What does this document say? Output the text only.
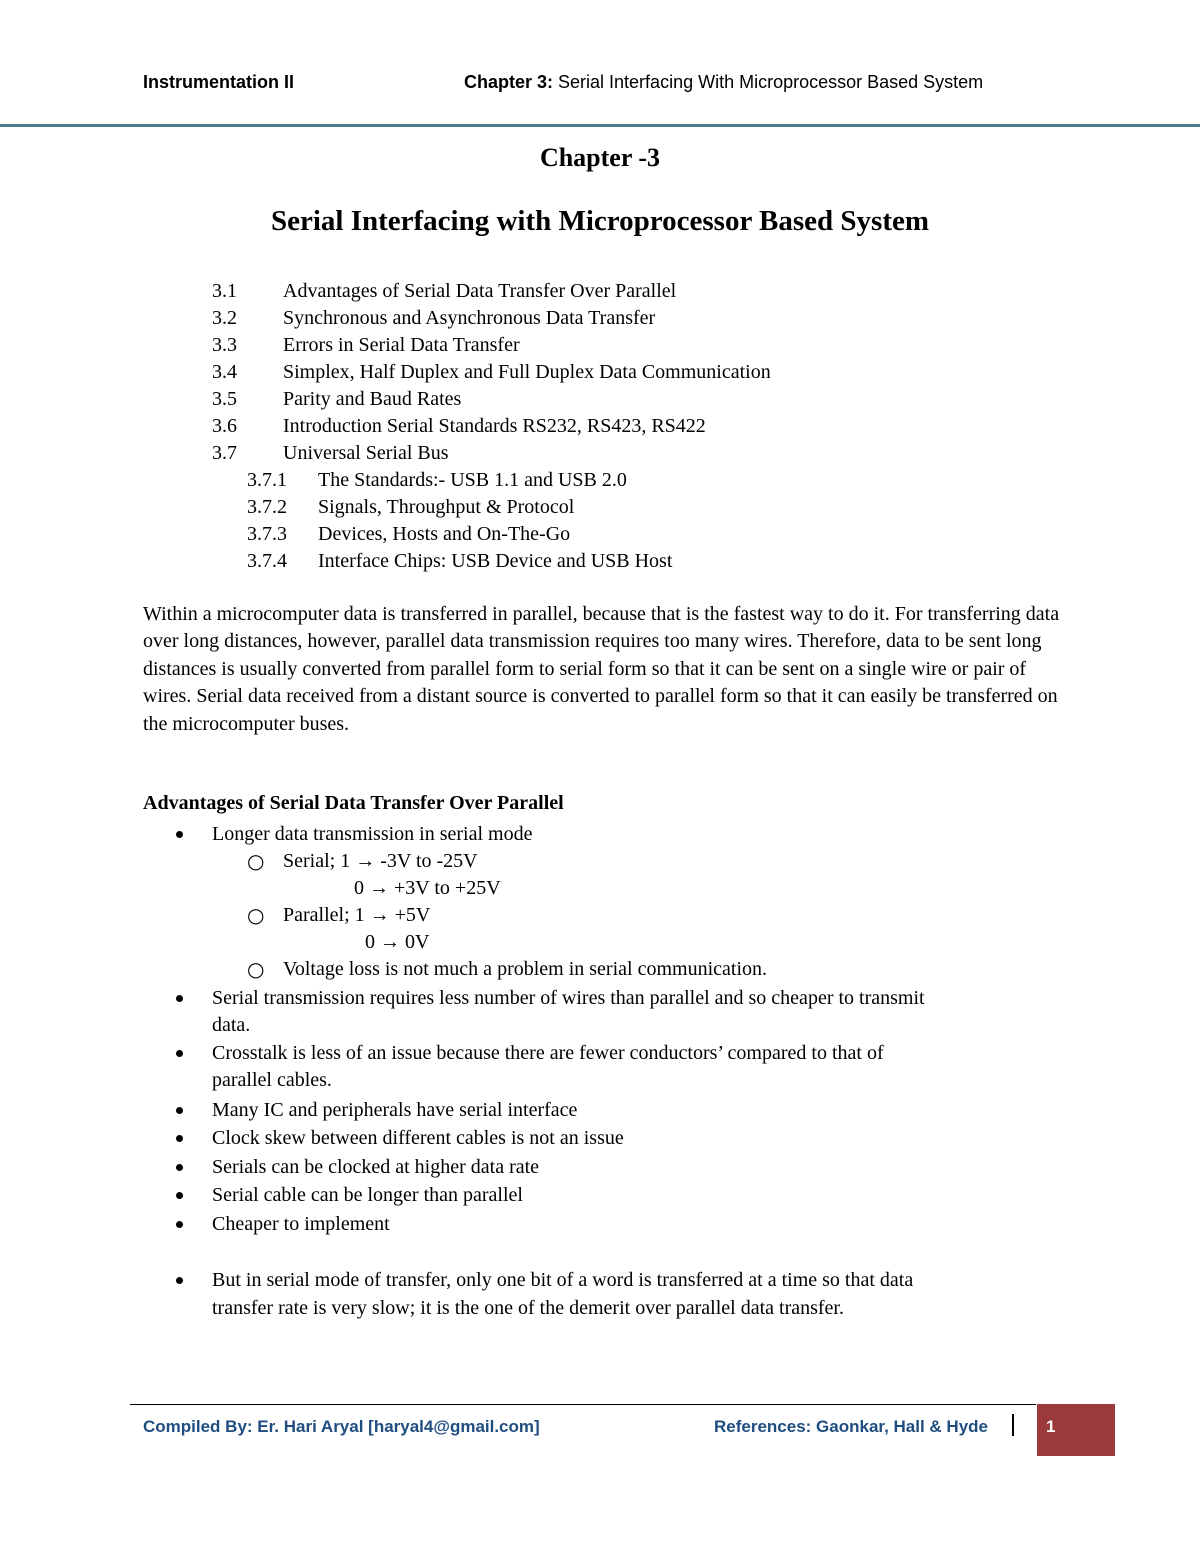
Instrumentation II	Chapter 3: Serial Interfacing With Microprocessor Based System
Chapter -3
Serial Interfacing with Microprocessor Based System
3.1 Advantages of Serial Data Transfer Over Parallel
3.2 Synchronous and Asynchronous Data Transfer
3.3 Errors in Serial Data Transfer
3.4 Simplex, Half Duplex and Full Duplex Data Communication
3.5 Parity and Baud Rates
3.6 Introduction Serial Standards RS232, RS423, RS422
3.7 Universal Serial Bus
3.7.1 The Standards:- USB 1.1 and USB 2.0
3.7.2 Signals, Throughput & Protocol
3.7.3 Devices, Hosts and On-The-Go
3.7.4 Interface Chips: USB Device and USB Host

Within a microcomputer data is transferred in parallel, because that is the fastest way to do it. For transferring data over long distances, however, parallel data transmission requires too many wires. Therefore, data to be sent long distances is usually converted from parallel form to serial form so that it can be sent on a single wire or pair of wires. Serial data received from a distant source is converted to parallel form so that it can easily be transferred on the microcomputer buses.

Advantages of Serial Data Transfer Over Parallel
Longer data transmission in serial mode
○ Serial; 1 → -3V to -25V
0 → +3V to +25V
○ Parallel; 1 → +5V
0 → 0V
○ Voltage loss is not much a problem in serial communication.
Serial transmission requires less number of wires than parallel and so cheaper to transmit
data.
Crosstalk is less of an issue because there are fewer conductors’ compared to that of
parallel cables.
Many IC and peripherals have serial interface
Clock skew between different cables is not an issue
Serials can be clocked at higher data rate
Serial cable can be longer than parallel
Cheaper to implement
But in serial mode of transfer, only one bit of a word is transferred at a time so that data
transfer rate is very slow; it is the one of the demerit over parallel data transfer.
Compiled By: Er. Hari Aryal [haryal4@gmail.com]	References: Gaonkar, Hall & Hyde	1
